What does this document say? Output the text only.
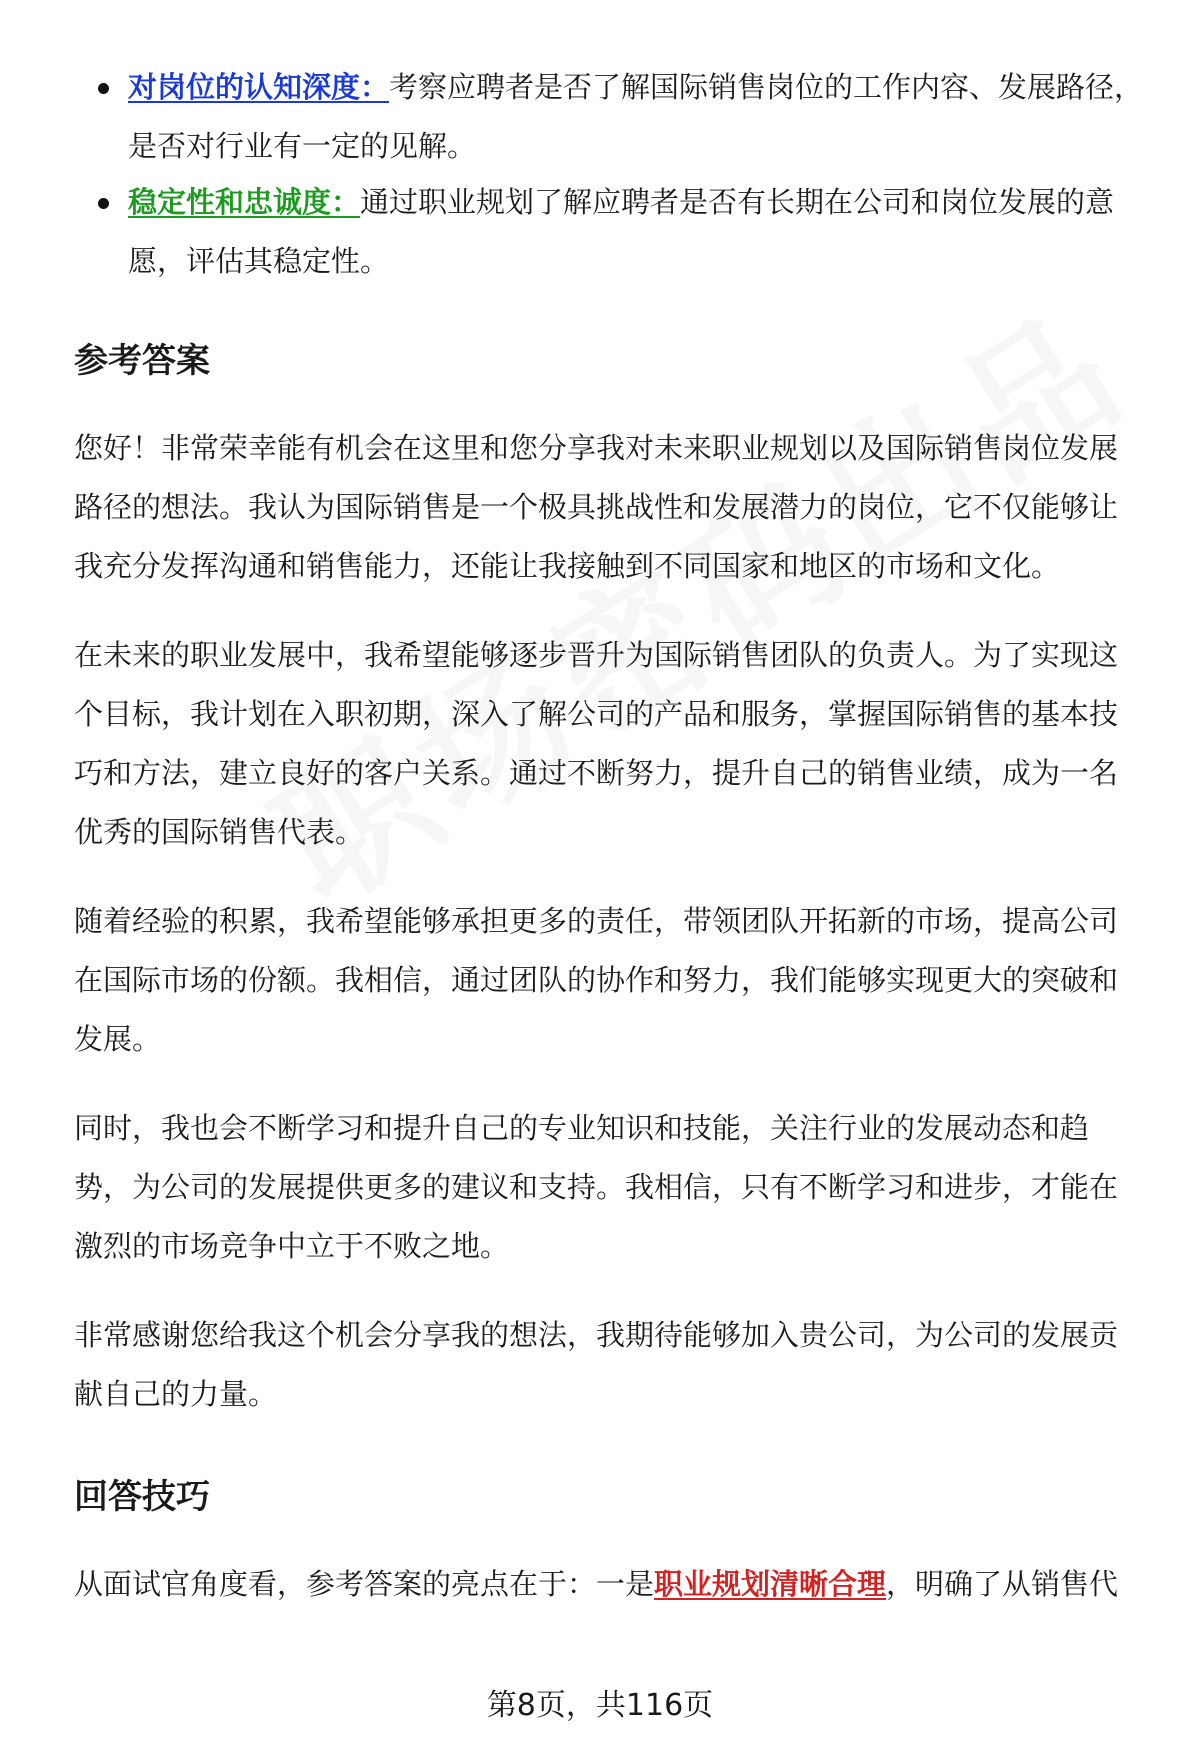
对岗位的认知深度：考察应聘者是否了解国际销售岗位的工作内容、发展路径，是否对行业有一定的见解。
稳定性和忠诚度：通过职业规划了解应聘者是否有长期在公司和岗位发展的意愿，评估其稳定性。
参考答案

您好！非常荣幸能有机会在这里和您分享我对未来职业规划以及国际销售岗位发展路径的想法。我认为国际销售是一个极具挑战性和发展潜力的岗位，它不仅能够让我充分发挥沟通和销售能力，还能让我接触到不同国家和地区的市场和文化。

在未来的职业发展中，我希望能够逐步晋升为国际销售团队的负责人。为了实现这个目标，我计划在入职初期，深入了解公司的产品和服务，掌握国际销售的基本技巧和方法，建立良好的客户关系。通过不断努力，提升自己的销售业绩，成为一名优秀的国际销售代表。

随着经验的积累，我希望能够承担更多的责任，带领团队开拓新的市场，提高公司在国际市场的份额。我相信，通过团队的协作和努力，我们能够实现更大的突破和发展。

同时，我也会不断学习和提升自己的专业知识和技能，关注行业的发展动态和趋势，为公司的发展提供更多的建议和支持。我相信，只有不断学习和进步，才能在激烈的市场竞争中立于不败之地。

非常感谢您给我这个机会分享我的想法，我期待能够加入贵公司，为公司的发展贡献自己的力量。

回答技巧

从面试官角度看，参考答案的亮点在于：一是职业规划清晰合理，明确了从销售代

第8页，共116页
